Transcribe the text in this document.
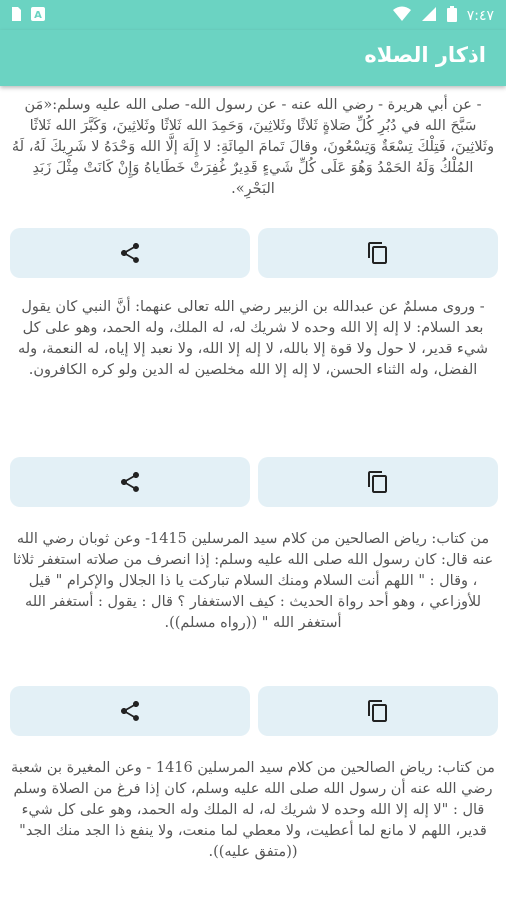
A	٧:٤٧
اذكار الصلاه
- عن أبي هريرة - رضي الله عنه - عن رسول الله- صلى الله عليه وسلم:«مَن سَبَّحَ الله في دُبُرِ كُلِّ صَلاةٍ ثَلاثًا وثَلاثِينَ، وَحَمِدَ الله ثَلاثًا وثَلاثِينَ، وَكَبَّرَ الله ثَلاثًا وثَلاثِينَ، فَتِلْكَ تِسْعَةٌ وَتِسْعُونَ، وقالَ تَمامَ المِائَةِ: لا إِلَهَ إلَّا الله وَحْدَهُ لا شَرِيكَ لَهُ، لَهُ المُلْكُ وَلَهُ الحَمْدُ وَهُوَ عَلَى كُلِّ شَيءٍ قَدِيرٌ غُفِرَتْ خَطَاياهُ وَإِنْ كَانَتْ مِثْلَ زَبَدِ البَحْرِ».
- وروى مسلمٌ عن عبدالله بن الزبير رضي الله تعالى عنهما: أنَّ النبي كان يقول بعد السلام: لا إله إلا الله وحده لا شريك له، له الملك، وله الحمد، وهو على كل شيء قدير، لا حول ولا قوة إلا بالله، لا إله إلا الله، ولا نعبد إلا إياه، له النعمة، وله الفضل، وله الثناء الحسن، لا إله إلا الله مخلصين له الدين ولو كره الكافرون.
من كتاب: رياض الصالحين من كلام سيد المرسلين 1415- وعن ثوبان رضي الله عنه قال: كان رسول الله صلى الله عليه وسلم: إذا انصرف من صلاته استغفر ثلاثا ، وقال : " اللهم أنت السلام ومنك السلام تباركت يا ذا الجلال والإكرام " قيل للأوزاعي ، وهو أحد رواة الحديث : كيف الاستغفار ؟ قال : يقول : أستغفر الله أستغفر الله " ((رواه مسلم)).
من كتاب: رياض الصالحين من كلام سيد المرسلين 1416 - وعن المغيرة بن شعبة رضي الله عنه أن رسول الله صلى الله عليه وسلم، كان إذا فرغ من الصلاة وسلم قال : "لا إله إلا الله وحده لا شريك له، له الملك وله الحمد، وهو على كل شيء قدير، اللهم لا مانع لما أعطيت، ولا معطي لما منعت، ولا ينفع ذا الجد منك الجد" ((متفق عليه)).
